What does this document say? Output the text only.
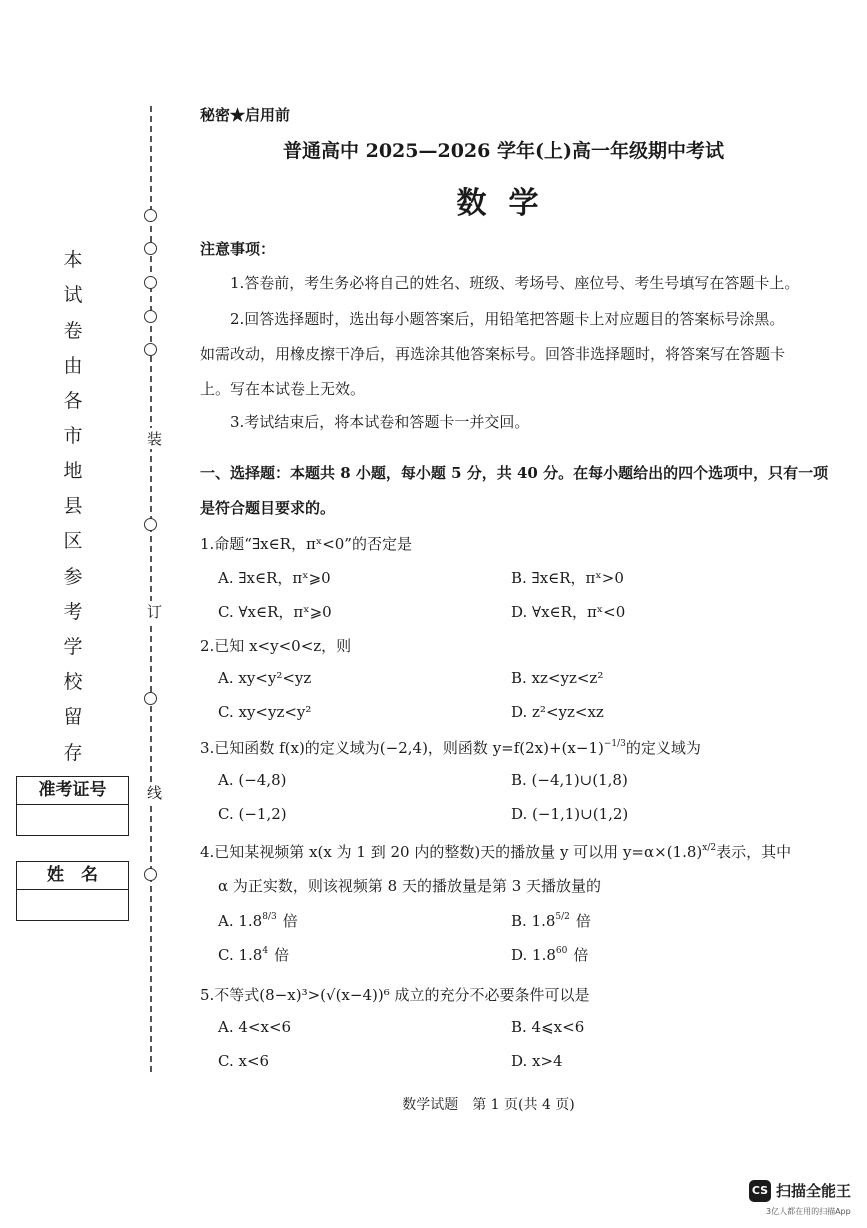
装
订
线
本
试
卷
由
各
市
地
县
区
参
考
学
校
留
存
准考证号
姓　名
秘密★启用前
普通高中 2025—2026 学年(上)高一年级期中考试
数学
注意事项：
1.答卷前，考生务必将自己的姓名、班级、考场号、座位号、考生号填写在答题卡上。
2.回答选择题时，选出每小题答案后，用铅笔把答题卡上对应题目的答案标号涂黑。
如需改动，用橡皮擦干净后，再选涂其他答案标号。回答非选择题时，将答案写在答题卡
上。写在本试卷上无效。
3.考试结束后，将本试卷和答题卡一并交回。
一、选择题：本题共 8 小题，每小题 5 分，共 40 分。在每小题给出的四个选项中，只有一项
是符合题目要求的。
1.命题“∃x∈R，πˣ<0”的否定是
A. ∃x∈R，πˣ⩾0	B. ∃x∈R，πˣ>0
C. ∀x∈R，πˣ⩾0	D. ∀x∈R，πˣ<0
2.已知 x<y<0<z，则
A. xy<y²<yz	B. xz<yz<z²
C. xy<yz<y²	D. z²<yz<xz
3.已知函数 f(x)的定义域为(−2,4)，则函数 $y=f(2x)+(x-1)^{-1/3}$的定义域为
A. (−4,8)	B. (−4,1)∪(1,8)
C. (−1,2)	D. (−1,1)∪(1,2)
4.已知某视频第 x(x 为 1 到 20 内的整数)天的播放量 y 可以用 $y=\alpha\times(1.8)^{x/2}$表示，其中
α 为正实数，则该视频第 8 天的播放量是第 3 天播放量的
A. $1.8^{8/3}$ 倍	B. $1.8^{5/2}$ 倍
C. $1.8^4$ 倍	D. $1.8^{60}$ 倍
5.不等式(8−x)³>(√(x−4))⁶ 成立的充分不必要条件可以是
A. 4<x<6	B. 4⩽x<6
C. x<6	D. x>4
数学试题　第 1 页(共 4 页)
CS 扫描全能王
3亿人都在用的扫描App
